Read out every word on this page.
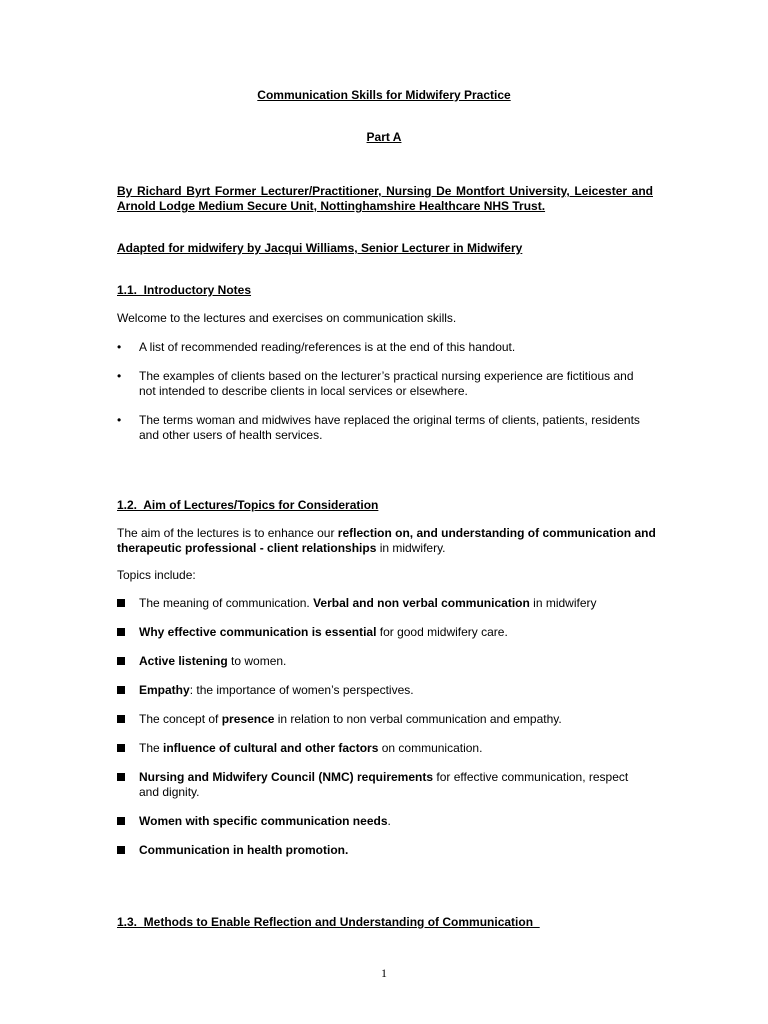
Communication Skills for Midwifery Practice
Part A
By Richard Byrt Former Lecturer/Practitioner, Nursing De Montfort University, Leicester and Arnold Lodge Medium Secure Unit, Nottinghamshire Healthcare NHS Trust.
Adapted for midwifery by Jacqui Williams, Senior Lecturer in Midwifery
1.1.  Introductory Notes
Welcome to the lectures and exercises on communication skills.
•	A list of recommended reading/references is at the end of this handout.
•	The examples of clients based on the lecturer’s practical nursing experience are fictitious and not intended to describe clients in local services or elsewhere.
•	The terms woman and midwives have replaced the original terms of clients, patients, residents and other users of health services.
1.2.  Aim of Lectures/Topics for Consideration
The aim of the lectures is to enhance our reflection on, and understanding of communication and therapeutic professional - client relationships in midwifery.
Topics include:
The meaning of communication. Verbal and non verbal communication in midwifery
Why effective communication is essential for good midwifery care.
Active listening to women.
Empathy: the importance of women’s perspectives.
The concept of presence in relation to non verbal communication and empathy.
The influence of cultural and other factors on communication.
Nursing and Midwifery Council (NMC) requirements for effective communication, respect and dignity.
Women with specific communication needs.
Communication in health promotion.
1.3.  Methods to Enable Reflection and Understanding of Communication
1
